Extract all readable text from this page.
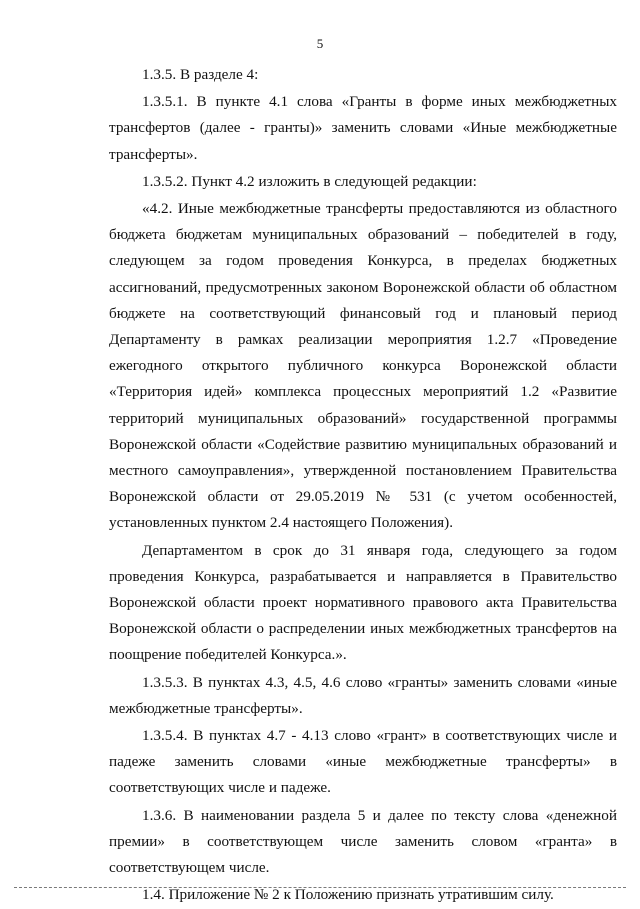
5

1.3.5. В разделе 4:

1.3.5.1. В пункте 4.1 слова «Гранты в форме иных межбюджетных трансфертов (далее - гранты)» заменить словами «Иные межбюджетные трансферты».

1.3.5.2. Пункт 4.2 изложить в следующей редакции:

«4.2. Иные межбюджетные трансферты предоставляются из областного бюджета бюджетам муниципальных образований – победителей в году, следующем за годом проведения Конкурса, в пределах бюджетных ассигнований, предусмотренных законом Воронежской области об областном бюджете на соответствующий финансовый год и плановый период Департаменту в рамках реализации мероприятия 1.2.7 «Проведение ежегодного открытого публичного конкурса Воронежской области «Территория идей» комплекса процессных мероприятий 1.2 «Развитие территорий муниципальных образований» государственной программы Воронежской области «Содействие развитию муниципальных образований и местного самоуправления», утвержденной постановлением Правительства Воронежской области от 29.05.2019 № 531 (с учетом особенностей, установленных пунктом 2.4 настоящего Положения).

Департаментом в срок до 31 января года, следующего за годом проведения Конкурса, разрабатывается и направляется в Правительство Воронежской области проект нормативного правового акта Правительства Воронежской области о распределении иных межбюджетных трансфертов на поощрение победителей Конкурса.».

1.3.5.3. В пунктах 4.3, 4.5, 4.6 слово «гранты» заменить словами «иные межбюджетные трансферты».

1.3.5.4. В пунктах 4.7 - 4.13 слово «грант» в соответствующих числе и падеже заменить словами «иные межбюджетные трансферты» в соответствующих числе и падеже.

1.3.6. В наименовании раздела 5 и далее по тексту слова «денежной премии» в соответствующем числе заменить словом «гранта» в соответствующем числе.

1.4. Приложение № 2 к Положению признать утратившим силу.
